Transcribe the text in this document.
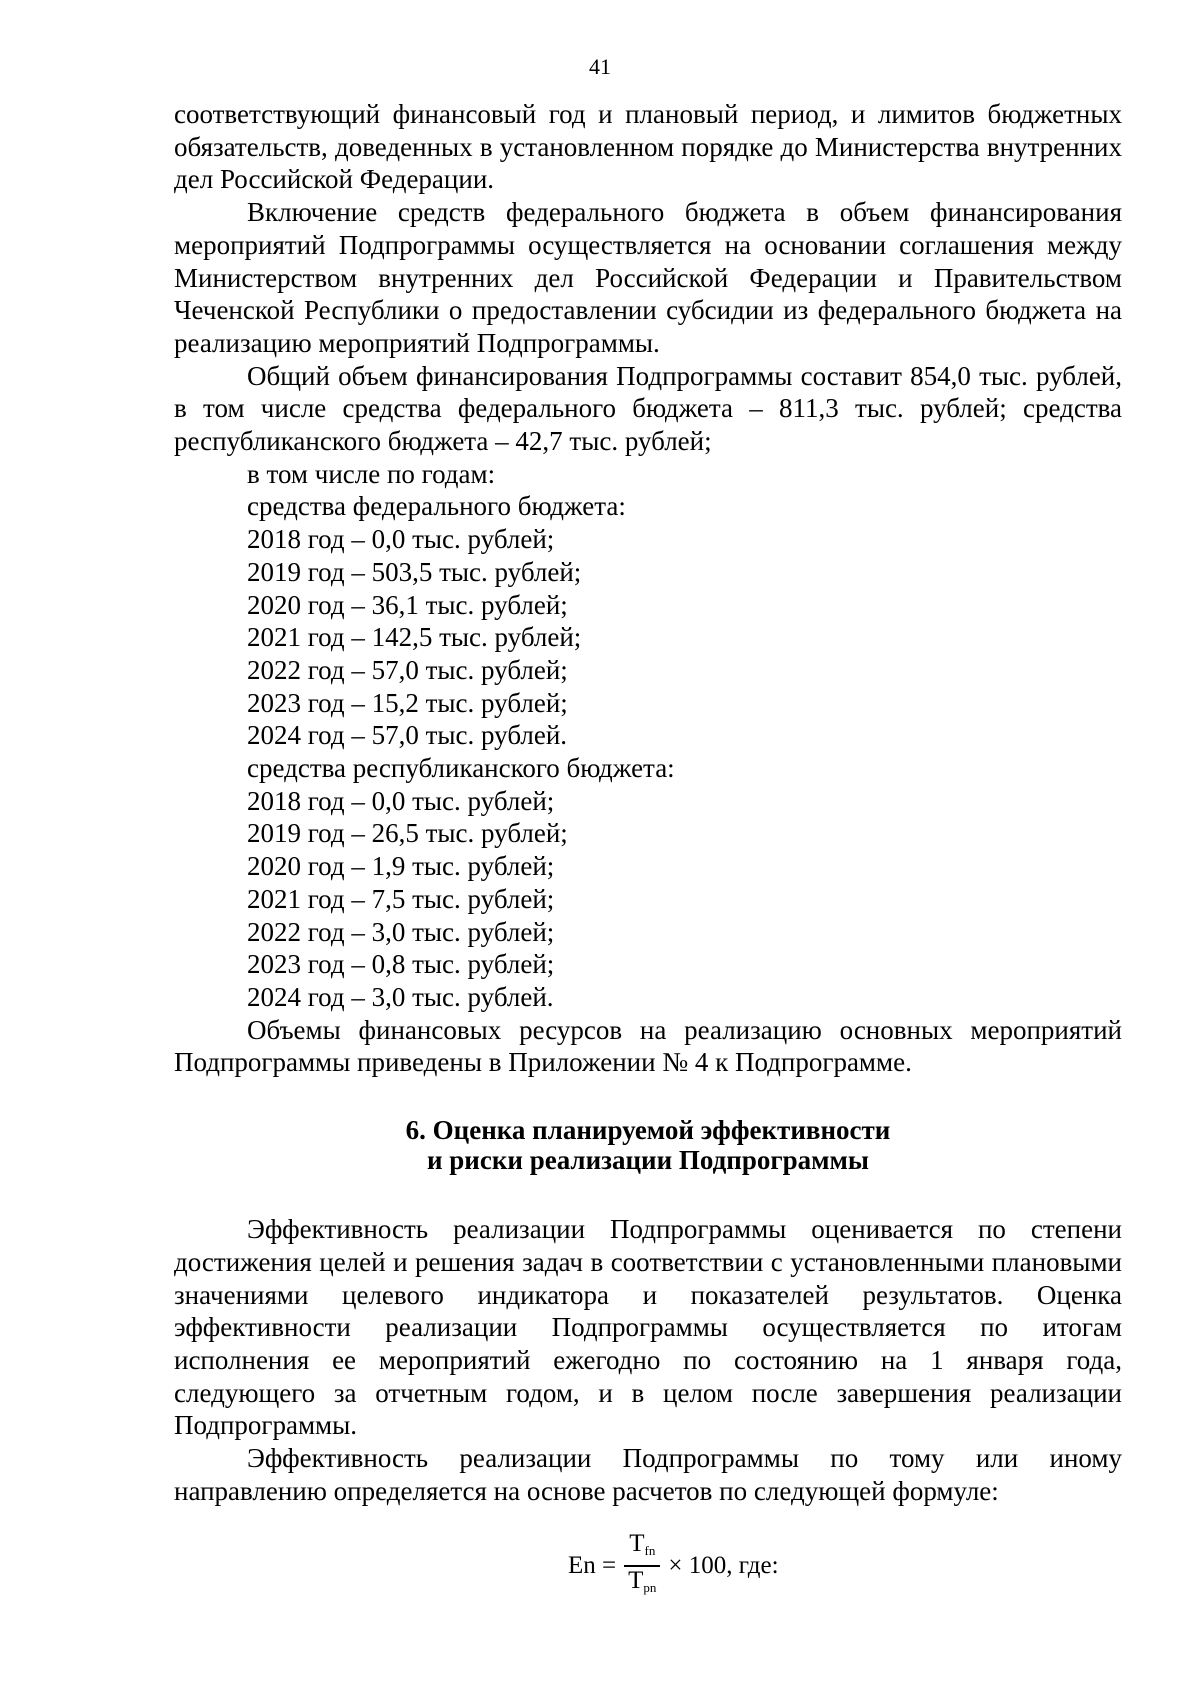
41

соответствующий финансовый год и плановый период, и лимитов бюджетных обязательств, доведенных в установленном порядке до Министерства внутренних дел Российской Федерации.

Включение средств федерального бюджета в объем финансирования мероприятий Подпрограммы осуществляется на основании соглашения между Министерством внутренних дел Российской Федерации и Правительством Чеченской Республики о предоставлении субсидии из федерального бюджета на реализацию мероприятий Подпрограммы.

Общий объем финансирования Подпрограммы составит 854,0 тыс. рублей, в том числе средства федерального бюджета – 811,3 тыс. рублей; средства республиканского бюджета – 42,7 тыс. рублей;

в том числе по годам:

средства федерального бюджета:

2018 год – 0,0 тыс. рублей;

2019 год – 503,5 тыс. рублей;

2020 год – 36,1 тыс. рублей;

2021 год – 142,5 тыс. рублей;

2022 год – 57,0 тыс. рублей;

2023 год – 15,2 тыс. рублей;

2024 год – 57,0 тыс. рублей.

средства республиканского бюджета:

2018 год – 0,0 тыс. рублей;

2019 год – 26,5 тыс. рублей;

2020 год – 1,9 тыс. рублей;

2021 год – 7,5 тыс. рублей;

2022 год – 3,0 тыс. рублей;

2023 год – 0,8 тыс. рублей;

2024 год – 3,0 тыс. рублей.

Объемы финансовых ресурсов на реализацию основных мероприятий Подпрограммы приведены в Приложении № 4 к Подпрограмме.

6. Оценка планируемой эффективности
и риски реализации Подпрограммы

Эффективность реализации Подпрограммы оценивается по степени достижения целей и решения задач в соответствии с установленными плановыми значениями целевого индикатора и показателей результатов. Оценка эффективности реализации Подпрограммы осуществляется по итогам исполнения ее мероприятий ежегодно по состоянию на 1 января года, следующего за отчетным годом, и в целом после завершения реализации Подпрограммы.

Эффективность реализации Подпрограммы по тому или иному направлению определяется на основе расчетов по следующей формуле:

$En = \frac{T_{fn}}{T_{pn}} \times 100$, где:
